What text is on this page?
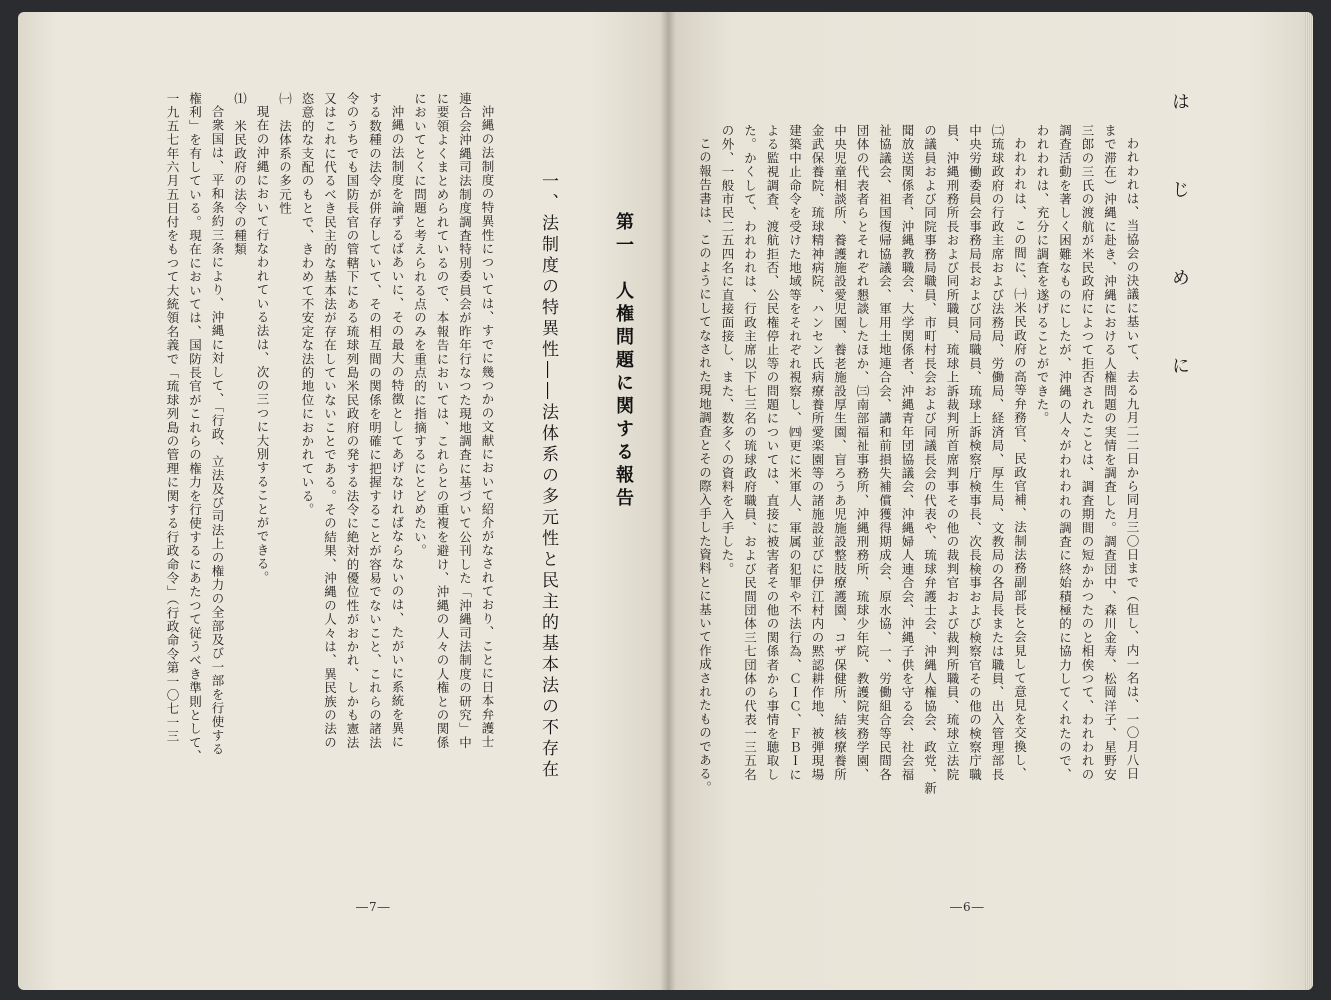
第一　人権問題に関する報告
一、法制度の特異性――法体系の多元性と民主的基本法の不存在
沖縄の法制度の特異性については、すでに幾つかの文献において紹介がなされており、ことに日本弁護士
連合会沖縄司法制度調査特別委員会が昨年行なつた現地調査に基づいて公刊した「沖縄司法制度の研究」中
に要領よくまとめられているので、本報告においては、これらとの重複を避け、沖縄の人々の人権との関係
においてとくに問題と考えられる点のみを重点的に指摘するにとどめたい。
沖縄の法制度を論ずるばあいに、その最大の特徴としてあげなければならないのは、たがいに系統を異に
する数種の法令が併存していて、その相互間の関係を明確に把握することが容易でないこと、これらの諸法
令のうちでも国防長官の管轄下にある琉球列島米民政府の発する法令に絶対的優位性がおかれ、しかも憲法
又はこれに代るべき民主的な基本法が存在していないことである。その結果、沖縄の人々は、異民族の法の
恣意的な支配のもとで、きわめて不安定な法的地位におかれている。
㈠　法体系の多元性
現在の沖縄において行なわれている法は、次の三つに大別することができる。
⑴　米民政府の法令の種類
合衆国は、平和条約三条により、沖縄に対して、「行政、立法及び司法上の権力の全部及び一部を行使する
権利」を有している。現在においては、国防長官がこれらの権力を行使するにあたつて従うべき準則として、
一九五七年六月五日付をもつて大統領名義で「琉球列島の管理に関する行政命令」（行政命令第一〇七一三
―7―
は　じ　め　に
われわれは、当協会の決議に基いて、去る九月二二日から同月三〇日まで（但し、内一名は、一〇月八日
まで滞在）沖縄に赴き、沖縄における人権問題の実情を調査した。調査団中、森川金寿、松岡洋子、星野安
三郎の三氏の渡航が米民政府によつて拒否されたことは、調査期間の短かかつたのと相俟つて、われわれの
調査活動を著しく困難なものにしたが、沖縄の人々がわれわれの調査に終始積極的に協力してくれたので、
われわれは、充分に調査を遂げることができた。
われわれは、この間に、㈠米民政府の高等弁務官、民政官補、法制法務副部長と会見して意見を交換し、
㈡琉球政府の行政主席および法務局、労働局、経済局、厚生局、文教局の各局長または職員、出入管理部長
中央労働委員会事務局長および同局職員、琉球上訴検察庁検事長、次長検事および検察官その他の検察庁職
員、沖縄刑務所長および同所職員、琉球上訴裁判所首席判事その他の裁判官および裁判所職員、琉球立法院
の議員および同院事務局職員、市町村長会および同議長会の代表や、琉球弁護士会、沖縄人権協会、政党、新
聞放送関係者、沖縄教職会、大学関係者、沖縄青年団協議会、沖縄婦人連合会、沖縄子供を守る会、社会福
祉協議会、祖国復帰協議会、軍用土地連合会、講和前損失補償獲得期成会、原水協、一、労働組合等民間各
団体の代表者らとそれぞれ懇談したほか、㈢南部福祉事務所、沖縄刑務所、琉球少年院、教護院実務学園、
中央児童相談所、養護施設愛児園、養老施設厚生園、盲ろうあ児施設整肢療護園、コザ保健所、結核療養所
金武保養院、琉球精神病院、ハンセン氏病療養所愛楽園等の諸施設並びに伊江村内の黙認耕作地、被弾現場
建築中止命令を受けた地域等をそれぞれ視察し、㈣更に米軍人、軍属の犯罪や不法行為、ＣＩＣ、ＦＢＩに
よる監視調査、渡航拒否、公民権停止等の問題については、直接に被害者その他の関係者から事情を聴取し
た。かくして、われわれは、行政主席以下七三名の琉球政府職員、および民間団体三七団体の代表一三五名
の外、一般市民二五四名に直接面接し、また、数多くの資料を入手した。
この報告書は、このようにしてなされた現地調査とその際入手した資料とに基いて作成されたものである。
―6―
